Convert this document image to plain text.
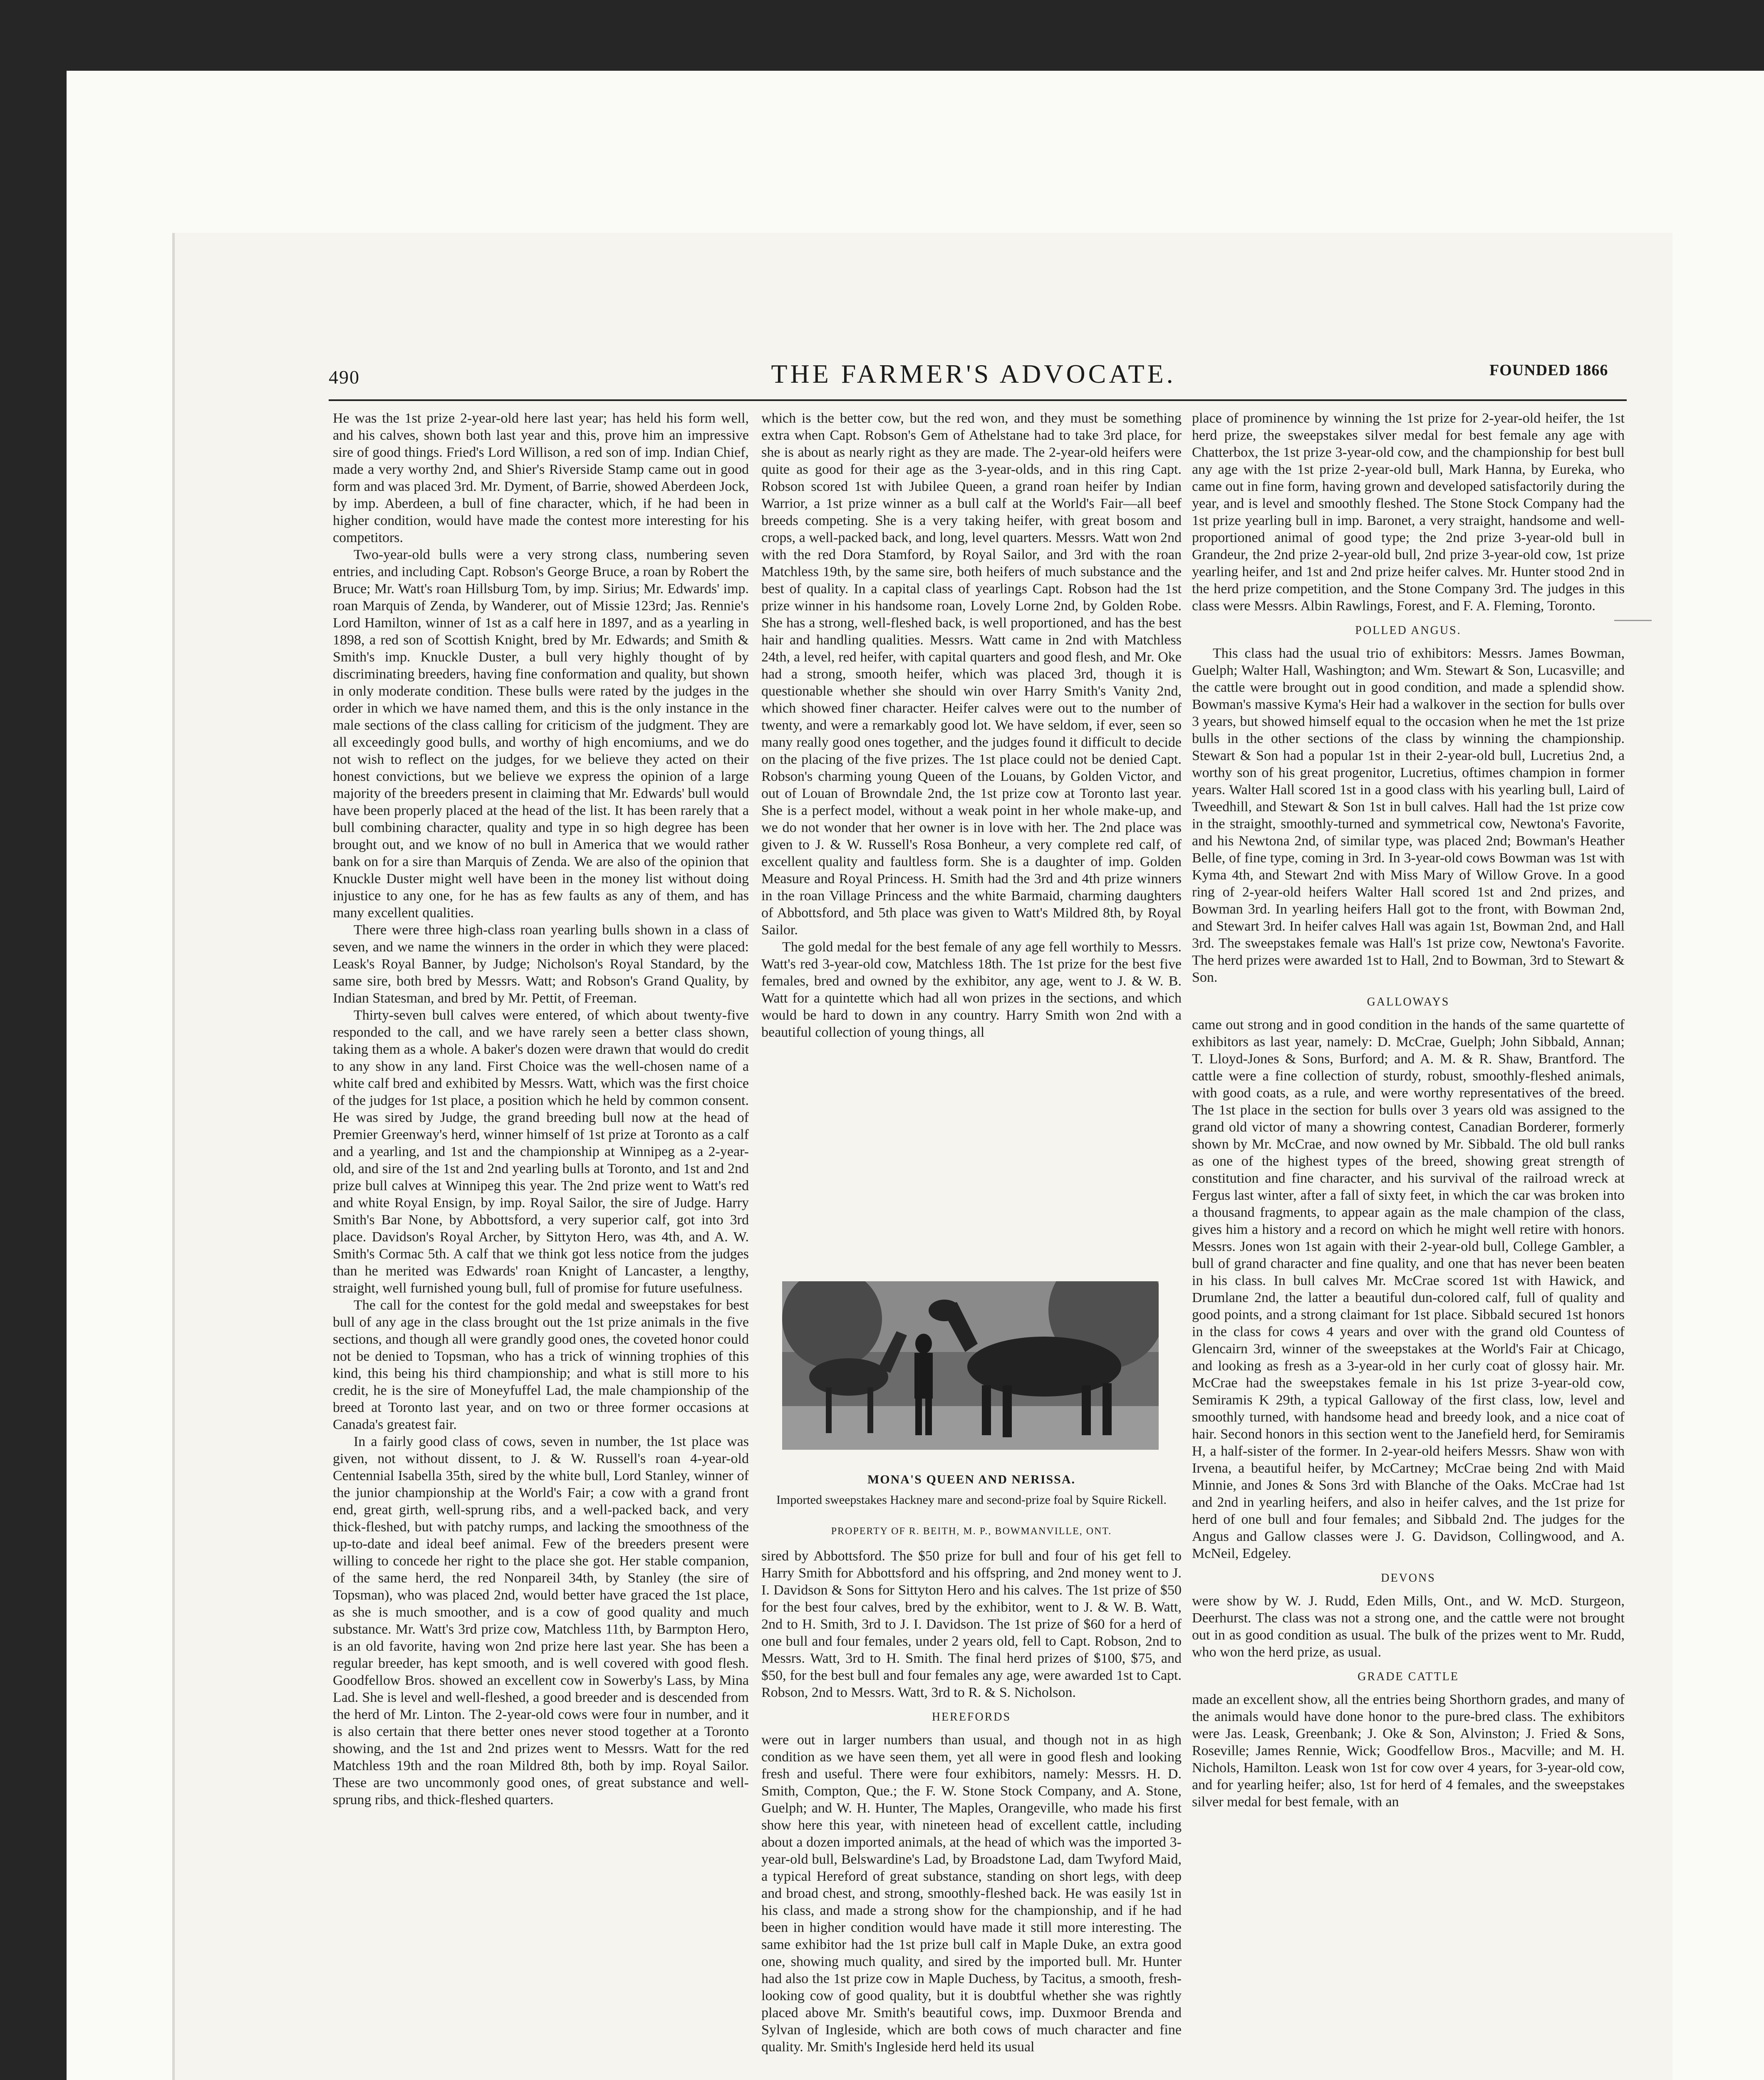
490	THE FARMER'S ADVOCATE.	FOUNDED 1866

He was the 1st prize 2-year-old here last year; has held his form well, and his calves, shown both last year and this, prove him an impressive sire of good things. Fried's Lord Willison, a red son of imp. Indian Chief, made a very worthy 2nd, and Shier's Riverside Stamp came out in good form and was placed 3rd. Mr. Dyment, of Barrie, showed Aberdeen Jock, by imp. Aberdeen, a bull of fine character, which, if he had been in higher condition, would have made the contest more interesting for his competitors.

Two-year-old bulls were a very strong class, numbering seven entries, and including Capt. Robson's George Bruce, a roan by Robert the Bruce; Mr. Watt's roan Hillsburg Tom, by imp. Sirius; Mr. Edwards' imp. roan Marquis of Zenda, by Wanderer, out of Missie 123rd; Jas. Rennie's Lord Hamilton, winner of 1st as a calf here in 1897, and as a yearling in 1898, a red son of Scottish Knight, bred by Mr. Edwards; and Smith & Smith's imp. Knuckle Duster, a bull very highly thought of by discriminating breeders, having fine conformation and quality, but shown in only moderate condition. These bulls were rated by the judges in the order in which we have named them, and this is the only instance in the male sections of the class calling for criticism of the judgment. They are all exceedingly good bulls, and worthy of high encomiums, and we do not wish to reflect on the judges, for we believe they acted on their honest convictions, but we believe we express the opinion of a large majority of the breeders present in claiming that Mr. Edwards' bull would have been properly placed at the head of the list. It has been rarely that a bull combining character, quality and type in so high degree has been brought out, and we know of no bull in America that we would rather bank on for a sire than Marquis of Zenda. We are also of the opinion that Knuckle Duster might well have been in the money list without doing injustice to any one, for he has as few faults as any of them, and has many excellent qualities.

There were three high-class roan yearling bulls shown in a class of seven, and we name the winners in the order in which they were placed: Leask's Royal Banner, by Judge; Nicholson's Royal Standard, by the same sire, both bred by Messrs. Watt; and Robson's Grand Quality, by Indian Statesman, and bred by Mr. Pettit, of Freeman.

Thirty-seven bull calves were entered, of which about twenty-five responded to the call, and we have rarely seen a better class shown, taking them as a whole. A baker's dozen were drawn that would do credit to any show in any land. First Choice was the well-chosen name of a white calf bred and exhibited by Messrs. Watt, which was the first choice of the judges for 1st place, a position which he held by common consent. He was sired by Judge, the grand breeding bull now at the head of Premier Greenway's herd, winner himself of 1st prize at Toronto as a calf and a yearling, and 1st and the championship at Winnipeg as a 2-year-old, and sire of the 1st and 2nd yearling bulls at Toronto, and 1st and 2nd prize bull calves at Winnipeg this year. The 2nd prize went to Watt's red and white Royal Ensign, by imp. Royal Sailor, the sire of Judge. Harry Smith's Bar None, by Abbottsford, a very superior calf, got into 3rd place. Davidson's Royal Archer, by Sittyton Hero, was 4th, and A. W. Smith's Cormac 5th. A calf that we think got less notice from the judges than he merited was Edwards' roan Knight of Lancaster, a lengthy, straight, well furnished young bull, full of promise for future usefulness.

The call for the contest for the gold medal and sweepstakes for best bull of any age in the class brought out the 1st prize animals in the five sections, and though all were grandly good ones, the coveted honor could not be denied to Topsman, who has a trick of winning trophies of this kind, this being his third championship; and what is still more to his credit, he is the sire of Moneyfuffel Lad, the male championship of the breed at Toronto last year, and on two or three former occasions at Canada's greatest fair.

In a fairly good class of cows, seven in number, the 1st place was given, not without dissent, to J. & W. Russell's roan 4-year-old Centennial Isabella 35th, sired by the white bull, Lord Stanley, winner of the junior championship at the World's Fair; a cow with a grand front end, great girth, well-sprung ribs, and a well-packed back, and very thick-fleshed, but with patchy rumps, and lacking the smoothness of the up-to-date and ideal beef animal. Few of the breeders present were willing to concede her right to the place she got. Her stable companion, of the same herd, the red Nonpareil 34th, by Stanley (the sire of Topsman), who was placed 2nd, would better have graced the 1st place, as she is much smoother, and is a cow of good quality and much substance. Mr. Watt's 3rd prize cow, Matchless 11th, by Barmpton Hero, is an old favorite, having won 2nd prize here last year. She has been a regular breeder, has kept smooth, and is well covered with good flesh. Goodfellow Bros. showed an excellent cow in Sowerby's Lass, by Mina Lad. She is level and well-fleshed, a good breeder and is descended from the herd of Mr. Linton. The 2-year-old cows were four in number, and it is also certain that there better ones never stood together at a Toronto showing, and the 1st and 2nd prizes went to Messrs. Watt for the red Matchless 19th and the roan Mildred 8th, both by imp. Royal Sailor. These are two uncommonly good ones, of great substance and well-sprung ribs, and thick-fleshed quarters.

which is the better cow, but the red won, and they must be something extra when Capt. Robson's Gem of Athelstane had to take 3rd place, for she is about as nearly right as they are made. The 2-year-old heifers were quite as good for their age as the 3-year-olds, and in this ring Capt. Robson scored 1st with Jubilee Queen, a grand roan heifer by Indian Warrior, a 1st prize winner as a bull calf at the World's Fair—all beef breeds competing. She is a very taking heifer, with great bosom and crops, a well-packed back, and long, level quarters. Messrs. Watt won 2nd with the red Dora Stamford, by Royal Sailor, and 3rd with the roan Matchless 19th, by the same sire, both heifers of much substance and the best of quality. In a capital class of yearlings Capt. Robson had the 1st prize winner in his handsome roan, Lovely Lorne 2nd, by Golden Robe. She has a strong, well-fleshed back, is well proportioned, and has the best hair and handling qualities. Messrs. Watt came in 2nd with Matchless 24th, a level, red heifer, with capital quarters and good flesh, and Mr. Oke had a strong, smooth heifer, which was placed 3rd, though it is questionable whether she should win over Harry Smith's Vanity 2nd, which showed finer character. Heifer calves were out to the number of twenty, and were a remarkably good lot. We have seldom, if ever, seen so many really good ones together, and the judges found it difficult to decide on the placing of the five prizes. The 1st place could not be denied Capt. Robson's charming young Queen of the Louans, by Golden Victor, and out of Louan of Browndale 2nd, the 1st prize cow at Toronto last year. She is a perfect model, without a weak point in her whole make-up, and we do not wonder that her owner is in love with her. The 2nd place was given to J. & W. Russell's Rosa Bonheur, a very complete red calf, of excellent quality and faultless form. She is a daughter of imp. Golden Measure and Royal Princess. H. Smith had the 3rd and 4th prize winners in the roan Village Princess and the white Barmaid, charming daughters of Abbottsford, and 5th place was given to Watt's Mildred 8th, by Royal Sailor.

The gold medal for the best female of any age fell worthily to Messrs. Watt's red 3-year-old cow, Matchless 18th. The 1st prize for the best five females, bred and owned by the exhibitor, any age, went to J. & W. B. Watt for a quintette which had all won prizes in the sections, and which would be hard to down in any country. Harry Smith won 2nd with a beautiful collection of young things, all

MONA'S QUEEN AND NERISSA.
Imported sweepstakes Hackney mare and second-prize foal by Squire Rickell.
PROPERTY OF R. BEITH, M. P., BOWMANVILLE, ONT.

sired by Abbottsford. The $50 prize for bull and four of his get fell to Harry Smith for Abbottsford and his offspring, and 2nd money went to J. I. Davidson & Sons for Sittyton Hero and his calves. The 1st prize of $50 for the best four calves, bred by the exhibitor, went to J. & W. B. Watt, 2nd to H. Smith, 3rd to J. I. Davidson. The 1st prize of $60 for a herd of one bull and four females, under 2 years old, fell to Capt. Robson, 2nd to Messrs. Watt, 3rd to H. Smith. The final herd prizes of $100, $75, and $50, for the best bull and four females any age, were awarded 1st to Capt. Robson, 2nd to Messrs. Watt, 3rd to R. & S. Nicholson.

HEREFORDS

were out in larger numbers than usual, and though not in as high condition as we have seen them, yet all were in good flesh and looking fresh and useful. There were four exhibitors, namely: Messrs. H. D. Smith, Compton, Que.; the F. W. Stone Stock Company, and A. Stone, Guelph; and W. H. Hunter, The Maples, Orangeville, who made his first show here this year, with nineteen head of excellent cattle, including about a dozen imported animals, at the head of which was the imported 3-year-old bull, Belswardine's Lad, by Broadstone Lad, dam Twyford Maid, a typical Hereford of great substance, standing on short legs, with deep and broad chest, and strong, smoothly-fleshed back. He was easily 1st in his class, and made a strong show for the championship, and if he had been in higher condition would have made it still more interesting. The same exhibitor had the 1st prize bull calf in Maple Duke, an extra good one, showing much quality, and sired by the imported bull. Mr. Hunter had also the 1st prize cow in Maple Duchess, by Tacitus, a smooth, fresh-looking cow of good quality, but it is doubtful whether she was rightly placed above Mr. Smith's beautiful cows, imp. Duxmoor Brenda and Sylvan of Ingleside, which are both cows of much character and fine quality. Mr. Smith's Ingleside herd held its usual

place of prominence by winning the 1st prize for 2-year-old heifer, the 1st herd prize, the sweepstakes silver medal for best female any age with Chatterbox, the 1st prize 3-year-old cow, and the championship for best bull any age with the 1st prize 2-year-old bull, Mark Hanna, by Eureka, who came out in fine form, having grown and developed satisfactorily during the year, and is level and smoothly fleshed. The Stone Stock Company had the 1st prize yearling bull in imp. Baronet, a very straight, handsome and well-proportioned animal of good type; the 2nd prize 3-year-old bull in Grandeur, the 2nd prize 2-year-old bull, 2nd prize 3-year-old cow, 1st prize yearling heifer, and 1st and 2nd prize heifer calves. Mr. Hunter stood 2nd in the herd prize competition, and the Stone Company 3rd. The judges in this class were Messrs. Albin Rawlings, Forest, and F. A. Fleming, Toronto.

POLLED ANGUS.

This class had the usual trio of exhibitors: Messrs. James Bowman, Guelph; Walter Hall, Washington; and Wm. Stewart & Son, Lucasville; and the cattle were brought out in good condition, and made a splendid show. Bowman's massive Kyma's Heir had a walkover in the section for bulls over 3 years, but showed himself equal to the occasion when he met the 1st prize bulls in the other sections of the class by winning the championship. Stewart & Son had a popular 1st in their 2-year-old bull, Lucretius 2nd, a worthy son of his great progenitor, Lucretius, oftimes champion in former years. Walter Hall scored 1st in a good class with his yearling bull, Laird of Tweedhill, and Stewart & Son 1st in bull calves. Hall had the 1st prize cow in the straight, smoothly-turned and symmetrical cow, Newtona's Favorite, and his Newtona 2nd, of similar type, was placed 2nd; Bowman's Heather Belle, of fine type, coming in 3rd. In 3-year-old cows Bowman was 1st with Kyma 4th, and Stewart 2nd with Miss Mary of Willow Grove. In a good ring of 2-year-old heifers Walter Hall scored 1st and 2nd prizes, and Bowman 3rd. In yearling heifers Hall got to the front, with Bowman 2nd, and Stewart 3rd. In heifer calves Hall was again 1st, Bowman 2nd, and Hall 3rd. The sweepstakes female was Hall's 1st prize cow, Newtona's Favorite. The herd prizes were awarded 1st to Hall, 2nd to Bowman, 3rd to Stewart & Son.

GALLOWAYS

came out strong and in good condition in the hands of the same quartette of exhibitors as last year, namely: D. McCrae, Guelph; John Sibbald, Annan; T. Lloyd-Jones & Sons, Burford; and A. M. & R. Shaw, Brantford. The cattle were a fine collection of sturdy, robust, smoothly-fleshed animals, with good coats, as a rule, and were worthy representatives of the breed. The 1st place in the section for bulls over 3 years old was assigned to the grand old victor of many a showring contest, Canadian Borderer, formerly shown by Mr. McCrae, and now owned by Mr. Sibbald. The old bull ranks as one of the highest types of the breed, showing great strength of constitution and fine character, and his survival of the railroad wreck at Fergus last winter, after a fall of sixty feet, in which the car was broken into a thousand fragments, to appear again as the male champion of the class, gives him a history and a record on which he might well retire with honors. Messrs. Jones won 1st again with their 2-year-old bull, College Gambler, a bull of grand character and fine quality, and one that has never been beaten in his class. In bull calves Mr. McCrae scored 1st with Hawick, and Drumlane 2nd, the latter a beautiful dun-colored calf, full of quality and good points, and a strong claimant for 1st place. Sibbald secured 1st honors in the class for cows 4 years and over with the grand old Countess of Glencairn 3rd, winner of the sweepstakes at the World's Fair at Chicago, and looking as fresh as a 3-year-old in her curly coat of glossy hair. Mr. McCrae had the sweepstakes female in his 1st prize 3-year-old cow, Semiramis K 29th, a typical Galloway of the first class, low, level and smoothly turned, with handsome head and breedy look, and a nice coat of hair. Second honors in this section went to the Janefield herd, for Semiramis H, a half-sister of the former. In 2-year-old heifers Messrs. Shaw won with Irvena, a beautiful heifer, by McCartney; McCrae being 2nd with Maid Minnie, and Jones & Sons 3rd with Blanche of the Oaks. McCrae had 1st and 2nd in yearling heifers, and also in heifer calves, and the 1st prize for herd of one bull and four females; and Sibbald 2nd. The judges for the Angus and Gallow classes were J. G. Davidson, Collingwood, and A. McNeil, Edgeley.

DEVONS

were show by W. J. Rudd, Eden Mills, Ont., and W. McD. Sturgeon, Deerhurst. The class was not a strong one, and the cattle were not brought out in as good condition as usual. The bulk of the prizes went to Mr. Rudd, who won the herd prize, as usual.

GRADE CATTLE

made an excellent show, all the entries being Shorthorn grades, and many of the animals would have done honor to the pure-bred class. The exhibitors were Jas. Leask, Greenbank; J. Oke & Son, Alvinston; J. Fried & Sons, Roseville; James Rennie, Wick; Goodfellow Bros., Macville; and M. H. Nichols, Hamilton. Leask won 1st for cow over 4 years, for 3-year-old cow, and for yearling heifer; also, 1st for herd of 4 females, and the sweepstakes silver medal for best female, with an
